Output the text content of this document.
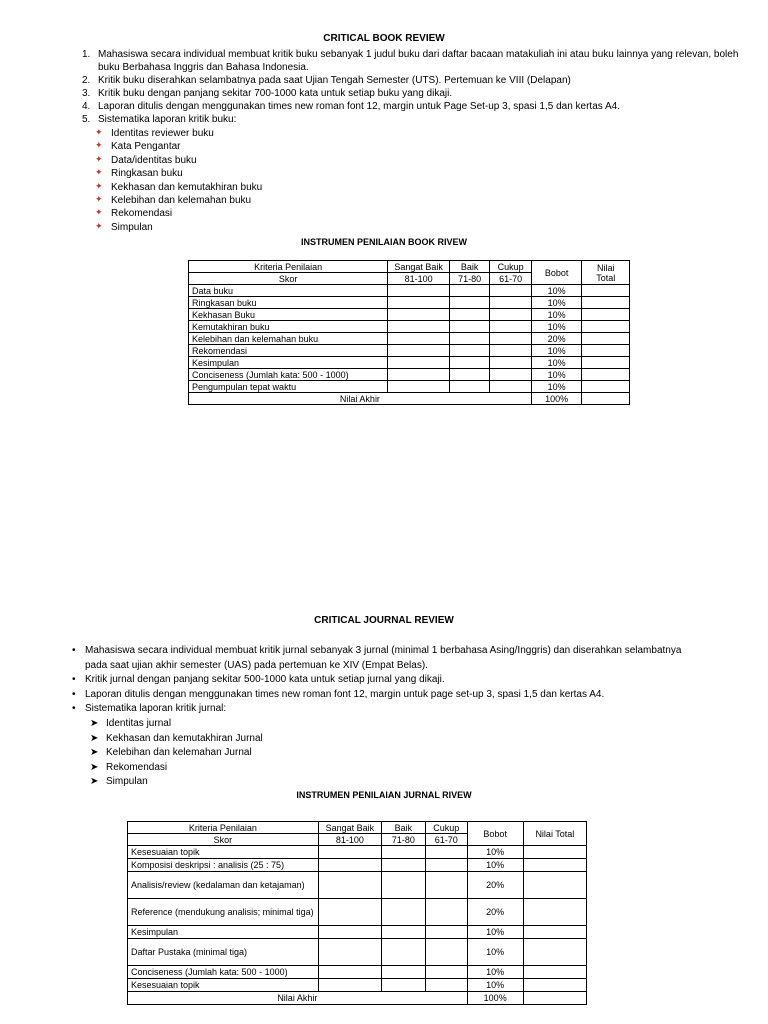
CRITICAL BOOK REVIEW
1. Mahasiswa secara individual membuat kritik buku sebanyak 1 judul buku dari daftar bacaan matakuliah ini atau buku lainnya yang relevan, boleh buku Berbahasa Inggris dan Bahasa Indonesia.
2. Kritik buku diserahkan selambatnya pada saat Ujian Tengah Semester (UTS). Pertemuan ke VIII (Delapan)
3. Kritik buku dengan panjang sekitar 700-1000 kata untuk setiap buku yang dikaji.
4. Laporan ditulis dengan menggunakan times new roman font 12, margin untuk Page Set-up 3, spasi 1,5 dan kertas A4.
5. Sistematika laporan kritik buku:
✦ Identitas reviewer buku
✦ Kata Pengantar
✦ Data/identitas buku
✦ Ringkasan buku
✦ Kekhasan dan kemutakhiran buku
✦ Kelebihan dan kelemahan buku
✦ Rekomendasi
✦ Simpulan
INSTRUMEN PENILAIAN BOOK RIVEW
Kriteria Penilaian	Sangat Baik	Baik	Cukup	Bobot	Nilai
Total
Skor	81-100	71-80	61-70		
Data buku				10%	
Ringkasan buku				10%	
Kekhasan Buku				10%	
Kemutakhiran buku				10%	
Kelebihan dan kelemahan buku				20%	
Rekomendasi				10%	
Kesimpulan				10%	
Conciseness (Jumlah kata: 500 - 1000)				10%	
Pengumpulan tepat waktu				10%	
Nilai Akhir				100%	
CRITICAL JOURNAL REVIEW
• Mahasiswa secara individual membuat kritik jurnal sebanyak 3 jurnal (minimal 1 berbahasa Asing/Inggris) dan diserahkan selambatnya pada saat ujian akhir semester (UAS) pada pertemuan ke XIV (Empat Belas).
• Kritik jurnal dengan panjang sekitar 500-1000 kata untuk setiap jurnal yang dikaji.
• Laporan ditulis dengan menggunakan times new roman font 12, margin untuk page set-up 3, spasi 1,5 dan kertas A4.
• Sistematika laporan kritik jurnal:
➤ Identitas jurnal
➤ Kekhasan dan kemutakhiran Jurnal
➤ Kelebihan dan kelemahan Jurnal
➤ Rekomendasi
➤ Simpulan
INSTRUMEN PENILAIAN JURNAL RIVEW
Kriteria Penilaian	Sangat Baik	Baik	Cukup	Bobot	Nilai Total
Skor	81-100	71-80	61-70		
Kesesuaian topik				10%	
Komposisi deskripsi : analisis (25 : 75)				10%	
Analisis/review (kedalaman dan ketajaman)				20%	
Reference (mendukung analisis; minimal tiga)				20%	
Kesimpulan				10%	
Daftar Pustaka (minimal tiga)				10%	
Conciseness (Jumlah kata: 500 - 1000)				10%	
Kesesuaian topik				10%	
Nilai Akhir				100%	
